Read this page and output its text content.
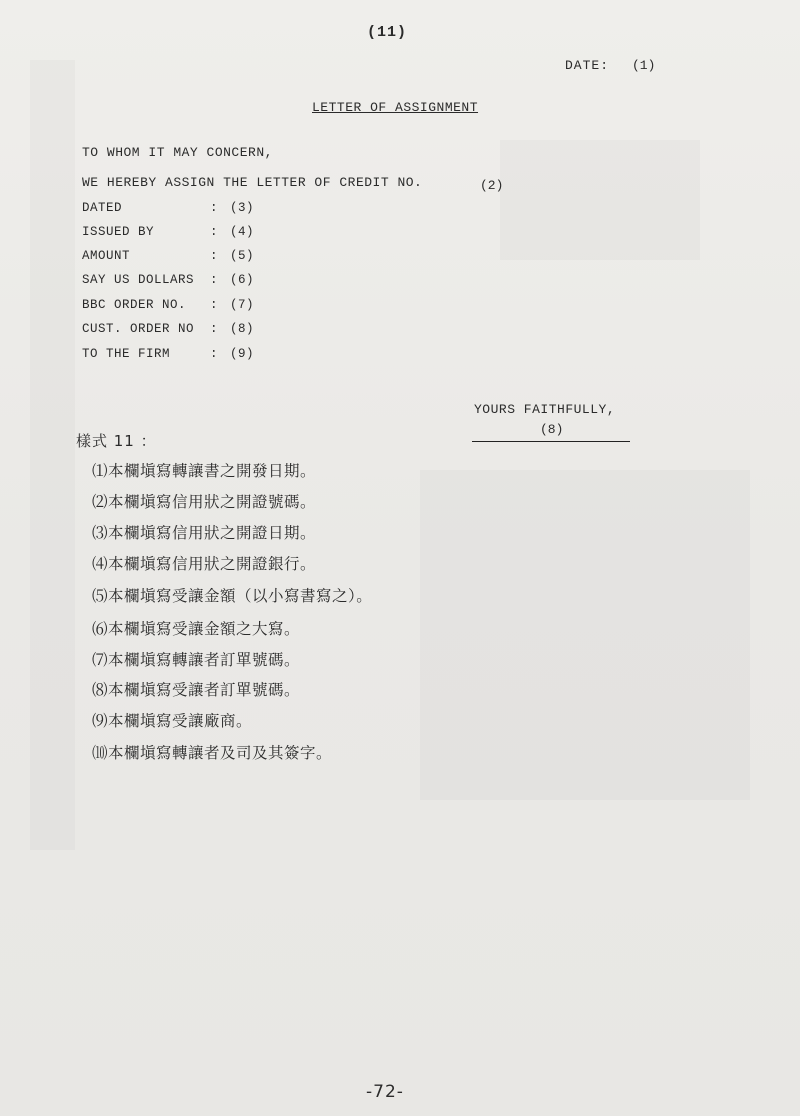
(11)
DATE: (1)
LETTER OF ASSIGNMENT
TO WHOM IT MAY CONCERN,
WE HEREBY ASSIGN THE LETTER OF CREDIT NO.	(2)
DATED	: (3)
ISSUED BY	: (4)
AMOUNT	: (5)
SAY US DOLLARS : (6)
BBC ORDER NO. : (7)
CUST. ORDER NO : (8)
TO THE FIRM	: (9)
YOURS FAITHFULLY,
(8)
樣式 11 ：
⑴本欄塡寫轉讓書之開發日期。
⑵本欄塡寫信用狀之開證號碼。
⑶本欄塡寫信用狀之開證日期。
⑷本欄塡寫信用狀之開證銀行。
⑸本欄塡寫受讓金額（以小寫書寫之）。
⑹本欄塡寫受讓金額之大寫。
⑺本欄塡寫轉讓者訂單號碼。
⑻本欄塡寫受讓者訂單號碼。
⑼本欄塡寫受讓廠商。
⑽本欄塡寫轉讓者及司及其簽字。
-72-
